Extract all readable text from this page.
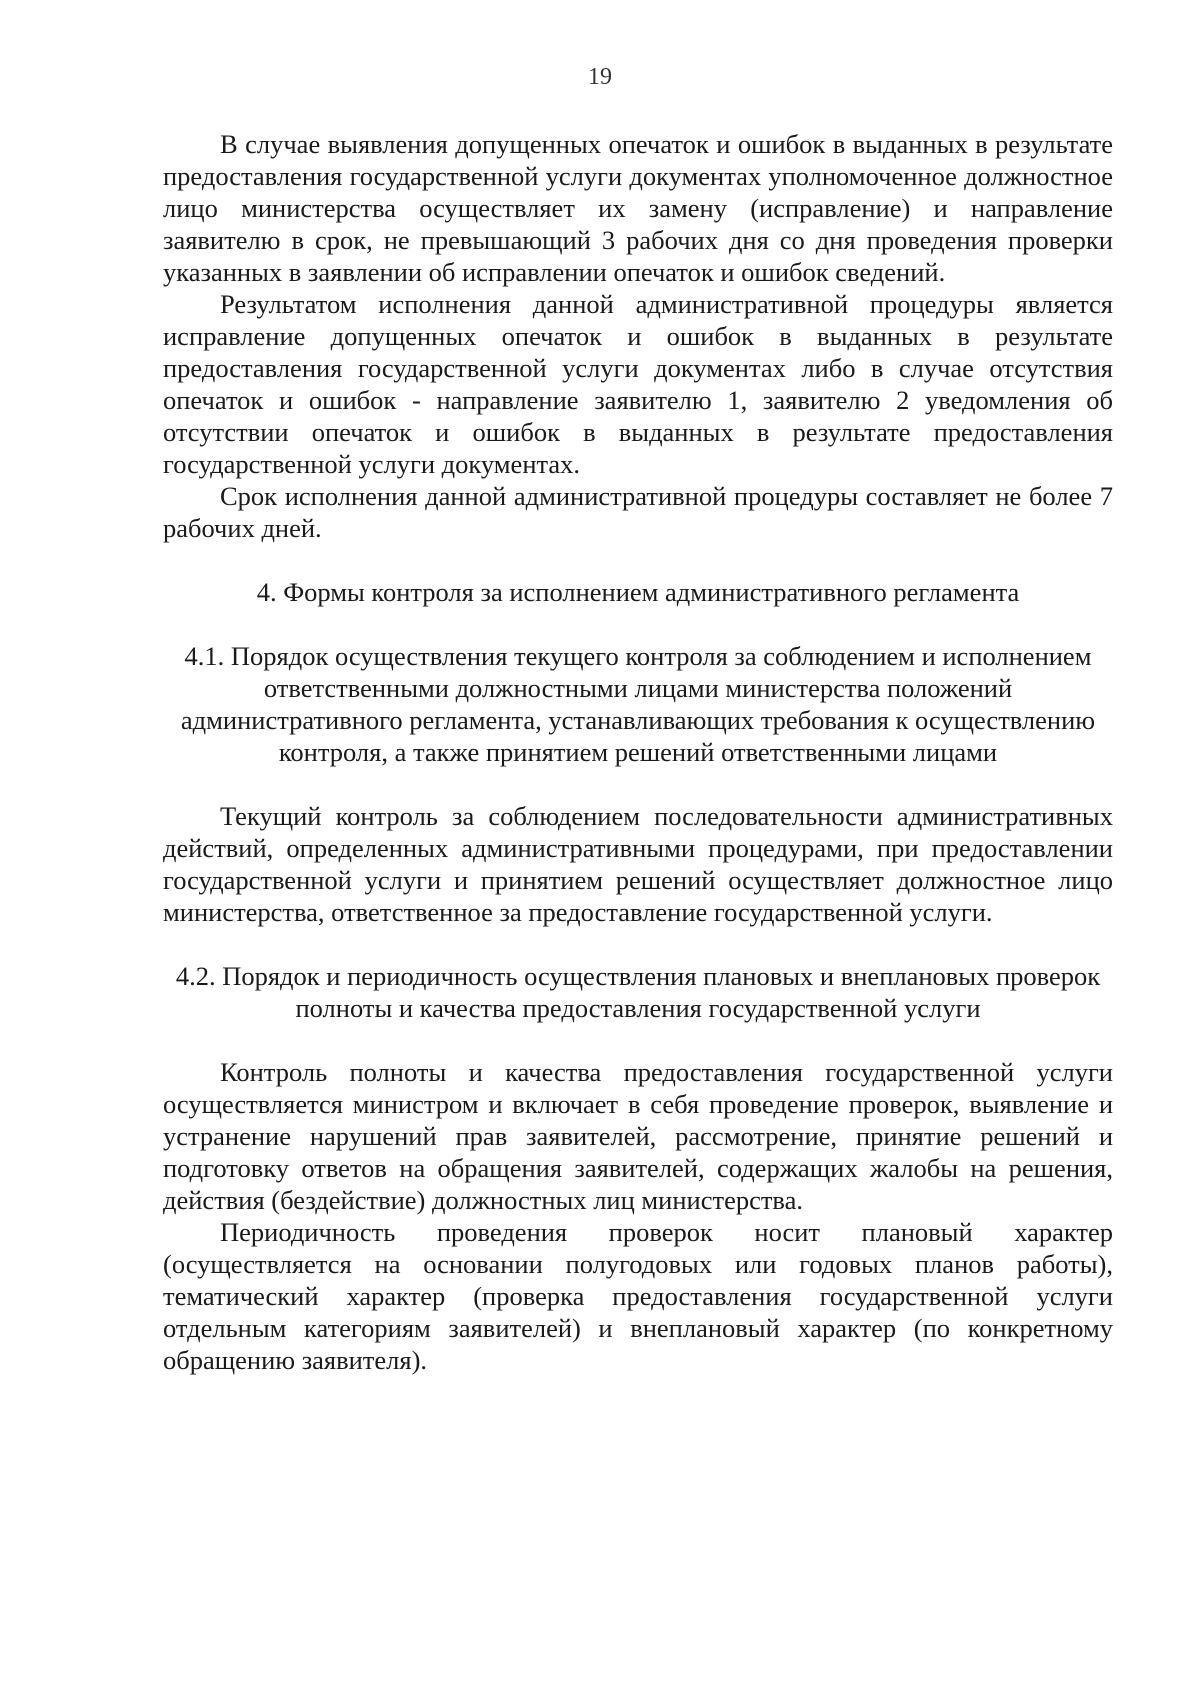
19

В случае выявления допущенных опечаток и ошибок в выданных в результате предоставления государственной услуги документах уполномоченное должностное лицо министерства осуществляет их замену (исправление) и направление заявителю в срок, не превышающий 3 рабочих дня со дня проведения проверки указанных в заявлении об исправлении опечаток и ошибок сведений.

Результатом исполнения данной административной процедуры является исправление допущенных опечаток и ошибок в выданных в результате предоставления государственной услуги документах либо в случае отсутствия опечаток и ошибок - направление заявителю 1, заявителю 2 уведомления об отсутствии опечаток и ошибок в выданных в результате предоставления государственной услуги документах.

Срок исполнения данной административной процедуры составляет не более 7 рабочих дней.

4. Формы контроля за исполнением административного регламента

4.1. Порядок осуществления текущего контроля за соблюдением и исполнением ответственными должностными лицами министерства положений административного регламента, устанавливающих требования к осуществлению контроля, а также принятием решений ответственными лицами

Текущий контроль за соблюдением последовательности административных действий, определенных административными процедурами, при предоставлении государственной услуги и принятием решений осуществляет должностное лицо министерства, ответственное за предоставление государственной услуги.

4.2. Порядок и периодичность осуществления плановых и внеплановых проверок полноты и качества предоставления государственной услуги

Контроль полноты и качества предоставления государственной услуги осуществляется министром и включает в себя проведение проверок, выявление и устранение нарушений прав заявителей, рассмотрение, принятие решений и подготовку ответов на обращения заявителей, содержащих жалобы на решения, действия (бездействие) должностных лиц министерства.

Периодичность проведения проверок носит плановый характер (осуществляется на основании полугодовых или годовых планов работы), тематический характер (проверка предоставления государственной услуги отдельным категориям заявителей) и внеплановый характер (по конкретному обращению заявителя).
